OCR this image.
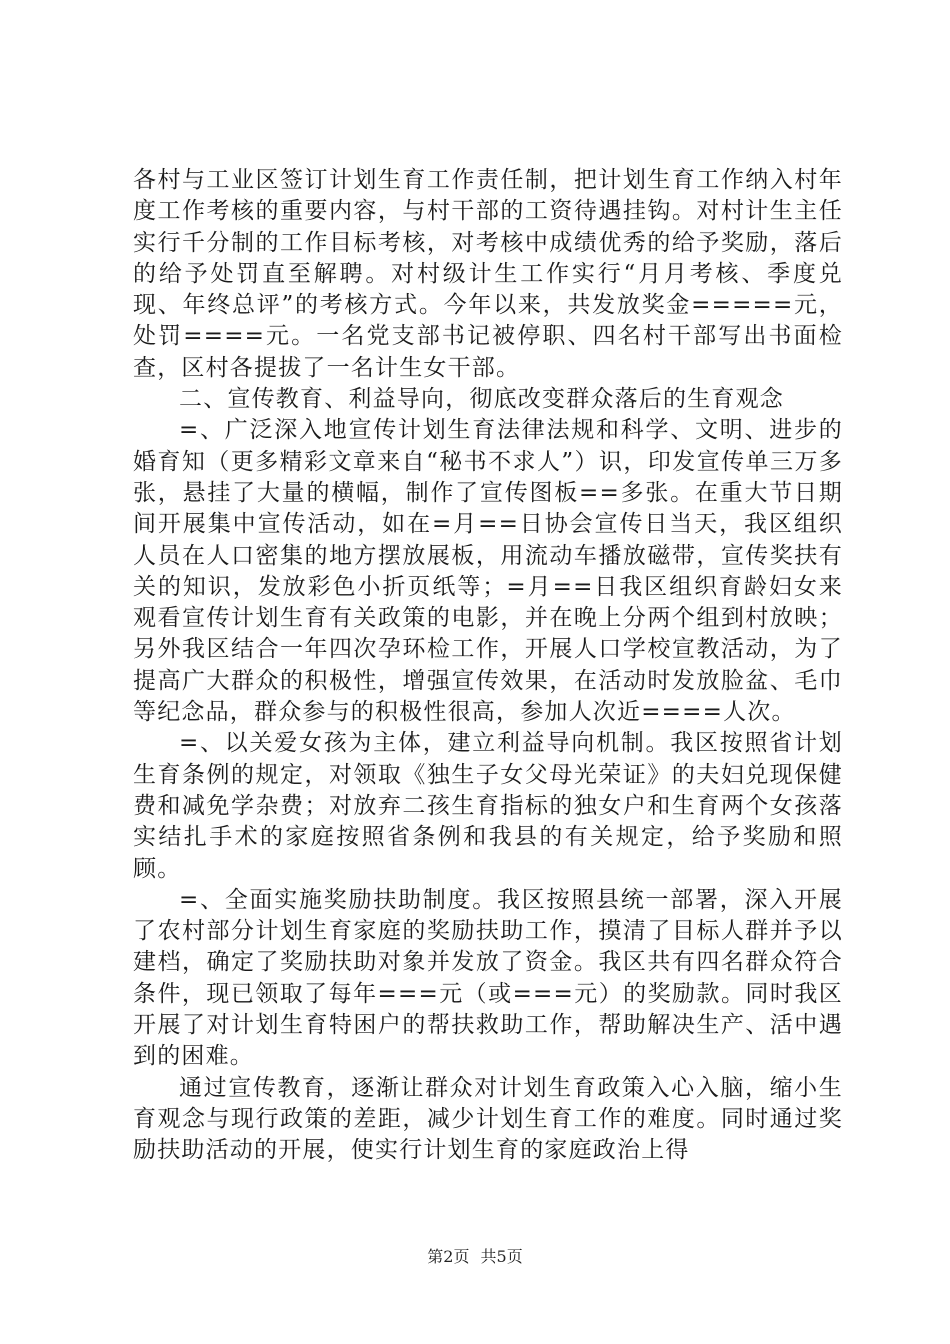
各村与工业区签订计划生育工作责任制，把计划生育工作纳入村年度工作考核的重要内容，与村干部的工资待遇挂钩。对村计生主任实行千分制的工作目标考核，对考核中成绩优秀的给予奖励，落后的给予处罚直至解聘。对村级计生工作实行“月月考核、季度兑现、年终总评”的考核方式。今年以来，共发放奖金=====元，处罚====元。一名党支部书记被停职、四名村干部写出书面检查，区村各提拔了一名计生女干部。

二、宣传教育、利益导向，彻底改变群众落后的生育观念

=、广泛深入地宣传计划生育法律法规和科学、文明、进步的婚育知（更多精彩文章来自“秘书不求人”）识，印发宣传单三万多张，悬挂了大量的横幅，制作了宣传图板==多张。在重大节日期间开展集中宣传活动，如在=月==日协会宣传日当天，我区组织人员在人口密集的地方摆放展板，用流动车播放磁带，宣传奖扶有关的知识，发放彩色小折页纸等；=月==日我区组织育龄妇女来观看宣传计划生育有关政策的电影，并在晚上分两个组到村放映；另外我区结合一年四次孕环检工作，开展人口学校宣教活动，为了提高广大群众的积极性，增强宣传效果，在活动时发放脸盆、毛巾等纪念品，群众参与的积极性很高，参加人次近====人次。

=、以关爱女孩为主体，建立利益导向机制。我区按照省计划生育条例的规定，对领取《独生子女父母光荣证》的夫妇兑现保健费和减免学杂费；对放弃二孩生育指标的独女户和生育两个女孩落实结扎手术的家庭按照省条例和我县的有关规定，给予奖励和照顾。

=、全面实施奖励扶助制度。我区按照县统一部署，深入开展了农村部分计划生育家庭的奖励扶助工作，摸清了目标人群并予以建档，确定了奖励扶助对象并发放了资金。我区共有四名群众符合条件，现已领取了每年===元（或===元）的奖励款。同时我区开展了对计划生育特困户的帮扶救助工作，帮助解决生产、活中遇到的困难。

通过宣传教育，逐渐让群众对计划生育政策入心入脑，缩小生育观念与现行政策的差距，减少计划生育工作的难度。同时通过奖励扶助活动的开展，使实行计划生育的家庭政治上得

第2页 共5页
